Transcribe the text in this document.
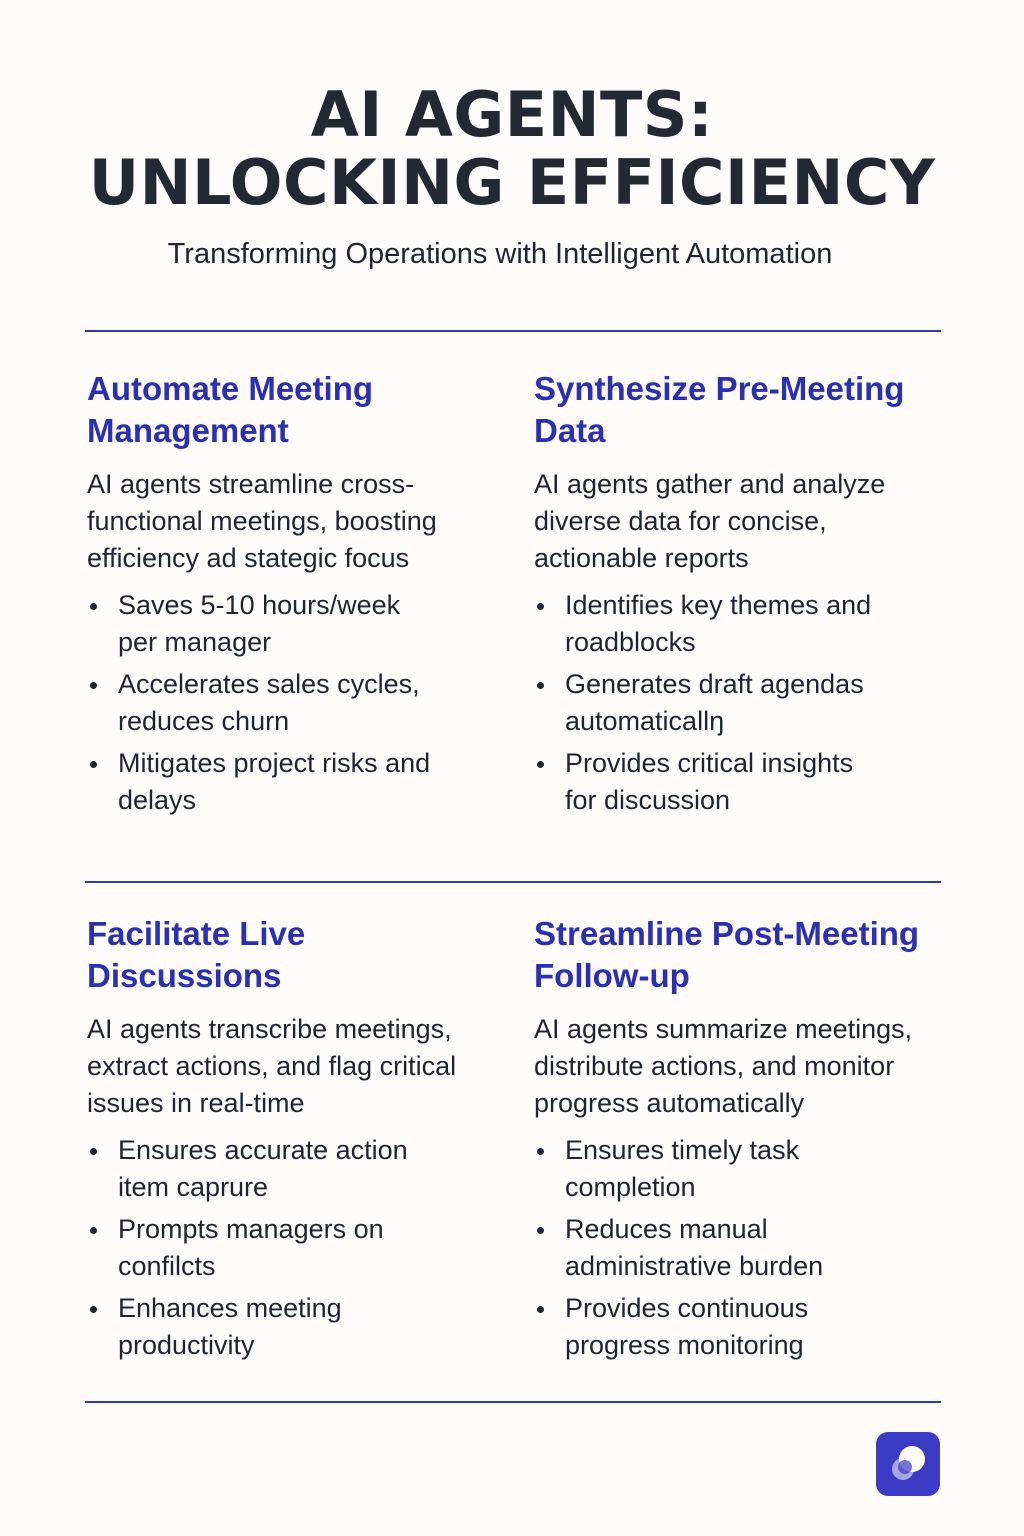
AI AGENTS:
UNLOCKING EFFICIENCY

Transforming Operations with Intelligent Automation

Automate Meeting Management

AI agents streamline cross-functional meetings, boosting efficiency ad stategic focus

Saves 5-10 hours/week per manager
Accelerates sales cycles, reduces churn
Mitigates project risks and delays
Synthesize Pre-Meeting Data

AI agents gather and analyze diverse data for concise, actionable reports

Identifies key themes and roadblocks
Generates draft agendas automaticallŋ
Provides critical insights for discussion
Facilitate Live Discussions

AI agents transcribe meetings, extract actions, and flag critical issues in real-time

Ensures accurate action item caprure
Prompts managers on confilcts
Enhances meeting productivity
Streamline Post-Meeting Follow-up

AI agents summarize meetings, distribute actions, and monitor progress automatically

Ensures timely task completion
Reduces manual administrative burden
Provides continuous progress monitoring
